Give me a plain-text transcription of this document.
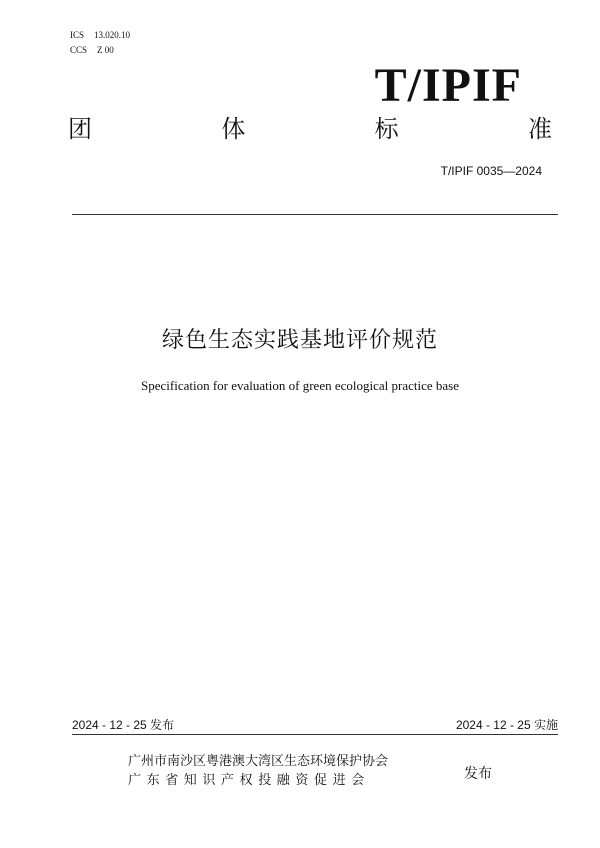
ICS 13.020.10
CCS Z 00
T/IPIF
团	体	标	准
T/IPIF 0035—2024
绿色生态实践基地评价规范
Specification for evaluation of green ecological practice base
2024 - 12 - 25 发布	2024 - 12 - 25 实施
广州市南沙区粤港澳大湾区生态环境保护协会
广东省知识产权投融资促进会	发布
